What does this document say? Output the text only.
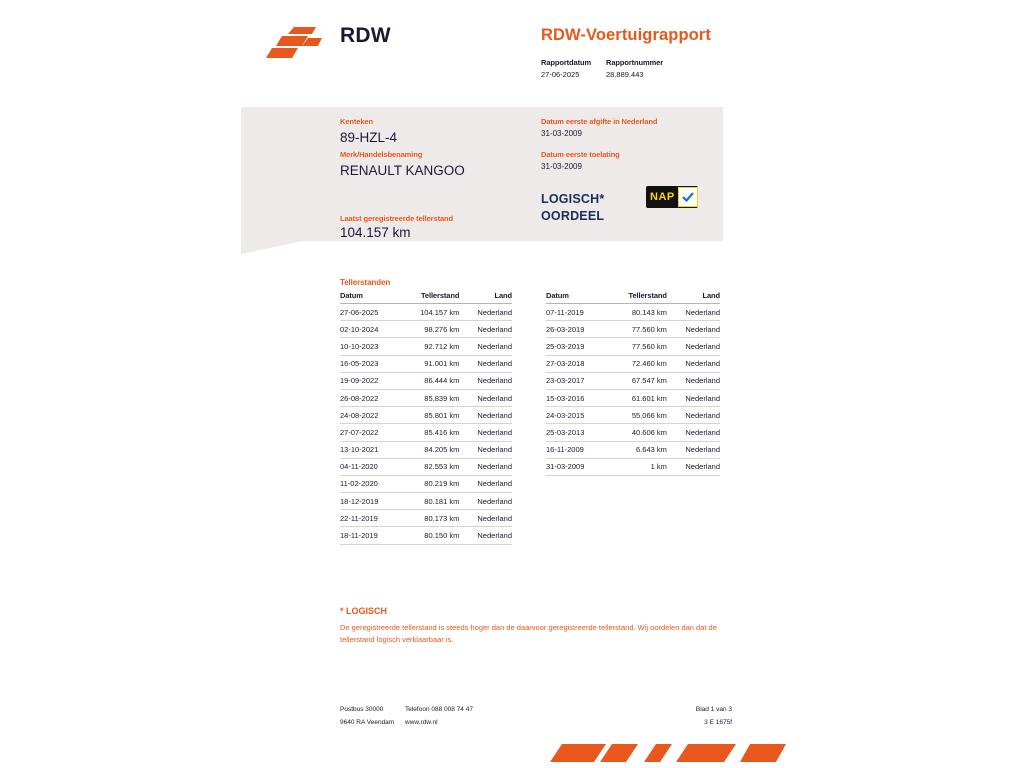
RDW	RDW-Voertuigrapport
Rapportdatum	Rapportnummer
27-06-2025	28.889.443
Kenteken
89-HZL-4
Merk/Handelsbenaming
RENAULT KANGOO
Laatst geregistreerde tellerstand
104.157 km
Datum eerste afgifte in Nederland
31-03-2009
Datum eerste toelating
31-03-2009
LOGISCH*
OORDEEL
NAP
Tellerstanden
Datum	Tellerstand	Land
27-06-2025	104.157 km	Nederland
02-10-2024	98.276 km	Nederland
10-10-2023	92.712 km	Nederland
16-05-2023	91.001 km	Nederland
19-09-2022	86.444 km	Nederland
26-08-2022	85.839 km	Nederland
24-08-2022	85.801 km	Nederland
27-07-2022	85.416 km	Nederland
13-10-2021	84.205 km	Nederland
04-11-2020	82.553 km	Nederland
11-02-2020	80.219 km	Nederland
18-12-2019	80.181 km	Nederland
22-11-2019	80.173 km	Nederland
18-11-2019	80.150 km	Nederland
Datum	Tellerstand	Land
07-11-2019	80.143 km	Nederland
26-03-2019	77.560 km	Nederland
25-03-2019	77.560 km	Nederland
27-03-2018	72.460 km	Nederland
23-03-2017	67.547 km	Nederland
15-03-2016	61.601 km	Nederland
24-03-2015	55.066 km	Nederland
25-03-2013	40.606 km	Nederland
16-11-2009	6.643 km	Nederland
31-03-2009	1 km	Nederland
* LOGISCH
De geregistreerde tellerstand is steeds hoger dan de daarvoor geregistreerde tellerstand. Wij oordelen dan dat de tellerstand logisch verklaarbaar is.
Postbus 30000
9640 RA Veendam
Telefoon 088 008 74 47
www.rdw.nl
Blad 1 van 3
3 E 1675f
